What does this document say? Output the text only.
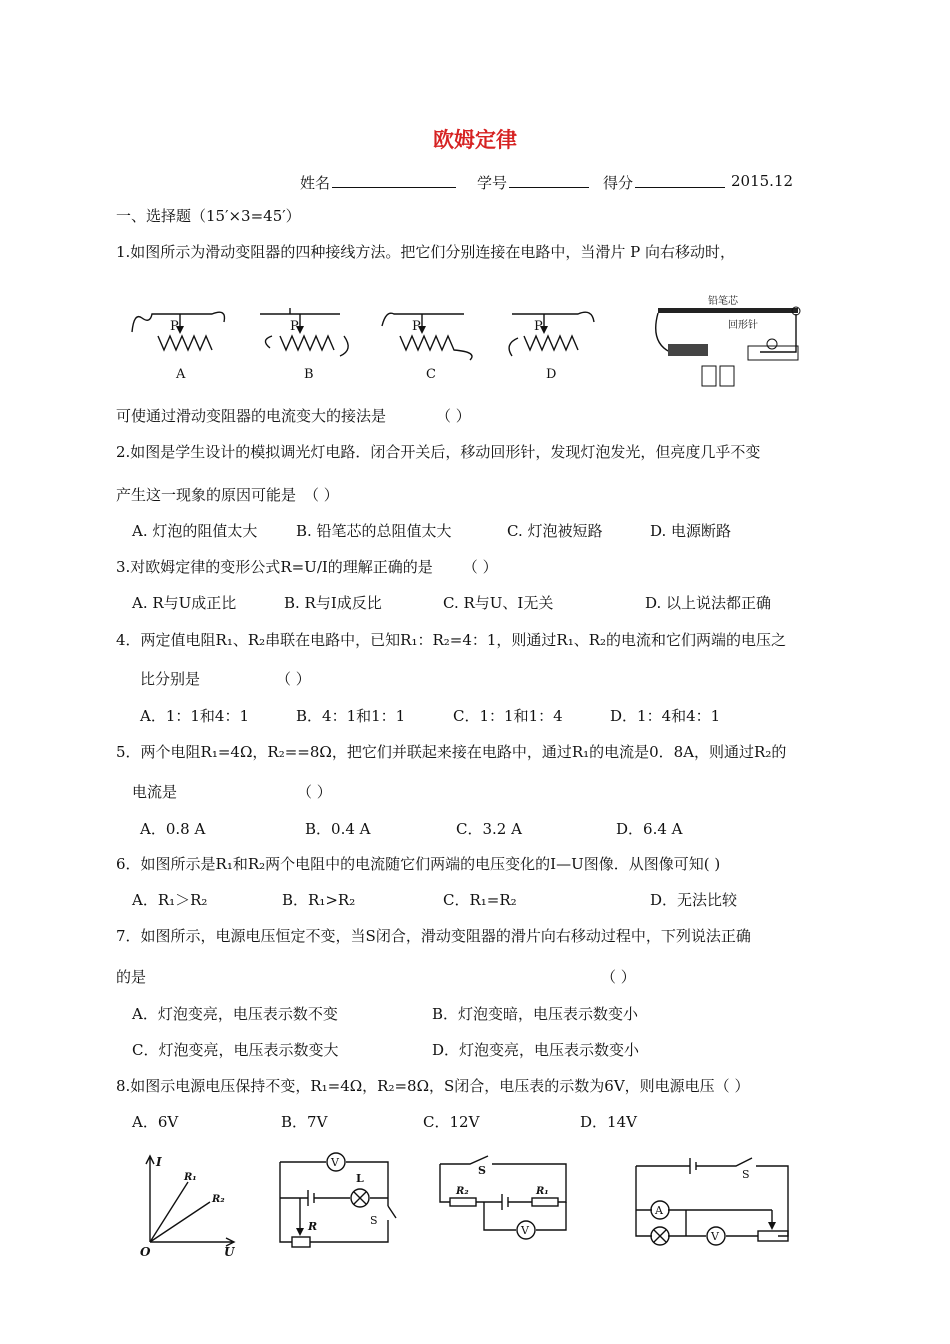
欧姆定律
姓名	学号	得分	2015.12
一、选择题（15′×3=45′）
1.如图所示为滑动变阻器的四种接线方法。把它们分别连接在电路中，当滑片 P 向右移动时，
P
A
P
B
P
C
P
D
铅笔芯
回形针
可使通过滑动变阻器的电流变大的接法是	（ ）
2.如图是学生设计的模拟调光灯电路．闭合开关后，移动回形针，发现灯泡发光，但亮度几乎不变
产生这一现象的原因可能是 （ ）
A. 灯泡的阻值太大	B. 铅笔芯的总阻值太大	C. 灯泡被短路	D. 电源断路
3.对欧姆定律的变形公式R=U/I的理解正确的是 （ ）
A. R与U成正比	B. R与I成反比	C. R与U、I无关	D. 以上说法都正确
4．两定值电阻R₁、R₂串联在电路中，已知R₁：R₂=4：1，则通过R₁、R₂的电流和它们两端的电压之
比分别是	（ ）
A．1：1和4：1	B．4：1和1：1	C．1：1和1：4	D．1：4和4：1
5．两个电阻R₁=4Ω，R₂==8Ω，把它们并联起来接在电路中，通过R₁的电流是0．8A，则通过R₂的
电流是	（ ）
A．0.8 A	B．0.4 A	C．3.2 A	D．6.4 A
6．如图所示是R₁和R₂两个电阻中的电流随它们两端的电压变化的I—U图像．从图像可知( )
A．R₁＞R₂	B．R₁>R₂	C．R₁=R₂	D．无法比较
7．如图所示，电源电压恒定不变，当S闭合，滑动变阻器的滑片向右移动过程中，下列说法正确
的是	（ ）
A．灯泡变亮，电压表示数不变	B．灯泡变暗，电压表示数变小
C．灯泡变亮，电压表示数变大	D．灯泡变亮，电压表示数变小
8.如图示电源电压保持不变，R₁=4Ω，R₂=8Ω，S闭合，电压表的示数为6V，则电源电压（ ）
A．6V	B．7V	C．12V	D．14V
I
U
O
R₁
R₂
V
L
S
R
S
R₂	R₁
V
S
A
V
